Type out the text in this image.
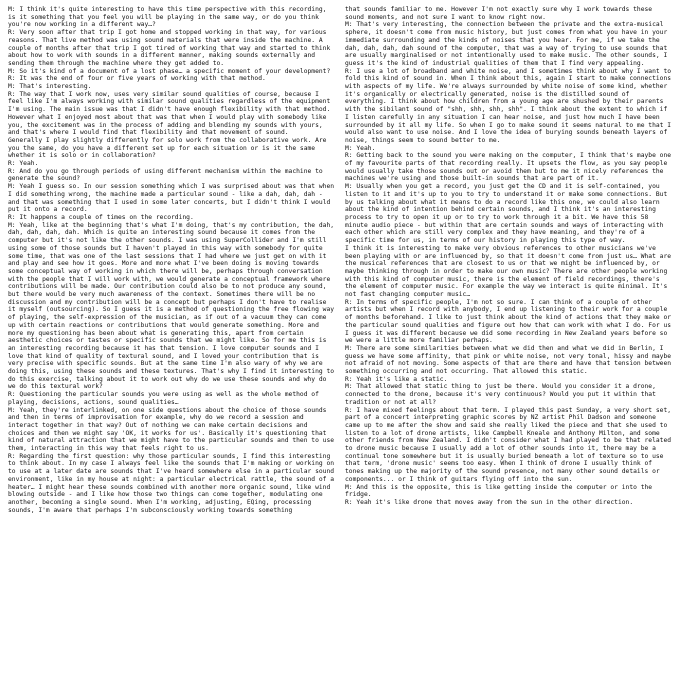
M: I think it's quite interesting to have this time perspective with this recording, is it something that you feel you will be playing in the same way, or do you think you're now working in a different way…?

R: Very soon after that trip I got home and stopped working in that way, for various reasons. That live method was using sound materials that were inside the machine. A couple of months after that trip I got tired of working that way and started to think about how to work with sounds in a different manner, making sounds externally and sending them through the machine where they get added to.

M: So it's kind of a document of a lost phase… a specific moment of your development?

R: It was the end of four or five years of working with that method.

M: That's interesting.

R: The way that I work now, uses very similar sound qualities of course, because I feel like I'm always working with similar sound qualities regardless of the equipment I'm using. The main issue was that I didn't have enough flexibility with that method. However what I enjoyed most about that was that when I would play with somebody like you, the excitement was in the process of adding and blending my sounds with yours, and that's where I would find that flexibility and that movement of sound.

Generally I play slightly differently for solo work from the collaborative work. Are you the same, do you have a different set up for each situation or is it the same whether it is solo or in collaboration?

R: Yeah.

R: And do you go through periods of using different mechanism within the machine to generate the sound?

M: Yeah I guess so. In our session something which I was surprised about was that when I did something wrong, the machine made a particular sound - like a dah, dah, dah - and that was something that I used in some later concerts, but I didn't think I would put it onto a record.

R: It happens a couple of times on the recording.

M: Yeah, like at the beginning that's what I'm doing, that's my contribution, the dah, dah, dah, dah, dah. Which is quite an interesting sound because it comes from the computer but it's not like the other sounds. I was using SuperCollider and I'm still using some of those sounds but I haven't played in this way with somebody for quite some time, that was one of the last sessions that I had where we just get on with it and play and see how it goes. More and more what I've been doing is moving towards some conceptual way of working in which there will be, perhaps through conversation with the people that I will work with, we would generate a conceptual framework where contributions will be made. Our contribution could also be to not produce any sound, but there would be very much awareness of the context. Sometimes there will be no discussion and my contribution will be a concept but perhaps I don't have to realise it myself (outsourcing). So I guess it is a method of questioning the free flowing way of playing, the self-expression of the musician, as if out of a vacuum they can come up with certain reactions or contributions that would generate something. More and more my questioning has been about what is generating this, apart from certain aesthetic choices or tastes or specific sounds that we might like. So for me this is an interesting recording because it has that tension. I love computer sounds and I love that kind of quality of textural sound, and I loved your contribution that is very precise with specific sounds. But at the same time I'm also wary of why we are doing this, using these sounds and these textures. That's why I find it interesting to do this exercise, talking about it to work out why do we use these sounds and why do we do this textural work?

R: Questioning the particular sounds you were using as well as the whole method of playing, decisions, actions, sound qualities…

M: Yeah, they're interlinked, on one side questions about the choice of those sounds and then in terms of improvisation for example, why do we record a session and interact together in that way? Out of nothing we can make certain decisions and choices and then we might say 'OK, it works for us'. Basically it's questioning that kind of natural attraction that we might have to the particular sounds and then to use them, interacting in this way that feels right to us.

R: Regarding the first question: why those particular sounds, I find this interesting to think about. In my case I always feel like the sounds that I'm making or working on to use at a later date are sounds that I've heard somewhere else in a particular sound environment, like in my house at night: a particular electrical rattle, the sound of a heater… I might hear these sounds combined with another more organic sound, like wind blowing outside - and I like how those two things can come together, modulating one another, becoming a single sound. When I'm working, adjusting, EQing, processing sounds, I'm aware that perhaps I'm subconsciously working towards something

that sounds familiar to me. However I'm not exactly sure why I work towards these sound moments, and not sure I want to know right now.

M: That's very interesting, the connection between the private and the extra-musical sphere, it doesn't come from music history, but just comes from what you have in your immediate surrounding and the kinds of noises that you hear. For me, if we take the dah, dah, dah, dah sound of the computer, that was a way of trying to use sounds that are usually marginalised or not intentionally used to make music. The other sounds, I guess it's the kind of industrial qualities of them that I find very appealing.

R: I use a lot of broadband and white noise, and I sometimes think about why I want to fold this kind of sound in. When I think about this, again I start to make connections with aspects of my life. We're always surrounded by white noise of some kind, whether it's organically or electrically generated, noise is the distilled sound of everything. I think about how children from a young age are shushed by their parents with the sibilant sound of "shh, shh, shh, shh". I think about the extent to which if I listen carefully in any situation I can hear noise, and just how much I have been surrounded by it all my life. So when I go to make sound it seems natural to me that I would also want to use noise. And I love the idea of burying sounds beneath layers of noise, things seem to sound better to me.

M: Yeah.

R: Getting back to the sound you were making on the computer, I think that's maybe one of my favourite parts of that recording really. It upsets the flow, as you say people would usually take those sounds out or avoid them but to me it nicely references the machines we're using and those built-in sounds that are part of it.

M: Usually when you get a record, you just get the CD and it is self-contained, you listen to it and it's up to you to try to understand it or make some connections. But by us talking about what it means to do a record like this one, we could also learn about the kind of intention behind certain sounds, and I think it's an interesting process to try to open it up or to try to work through it a bit. We have this 58 minute audio piece - but within that are certain sounds and ways of interacting with each other which are still very complex and they have meaning, and they're of a specific time for us, in terms of our history in playing this type of way.

I think it is interesting to make very obvious references to other musicians we've been playing with or are influenced by, so that it doesn't come from just us… What are the musical references that are closest to us or that we might be influenced by, or maybe thinking through in order to make our own music? There are other people working with this kind of computer music, there is the element of field recordings, there's the element of computer music. For example the way we interact is quite minimal. It's not fast changing computer music…

R: In terms of specific people, I'm not so sure. I can think of a couple of other artists but when I record with anybody, I end up listening to their work for a couple of months beforehand. I like to just think about the kind of actions that they make or the particular sound qualities and figure out how that can work with what I do. For us I guess it was different because we did some recording in New Zealand years before so we were a little more familiar perhaps.

M: There are some similarities between what we did then and what we did in Berlin, I guess we have some affinity, that pink or white noise, not very tonal, hissy and maybe not afraid of not moving. Some aspects of that are there and have that tension between something occurring and not occurring. That allowed this static.

R: Yeah it's like a static.

M: That allowed that static thing to just be there. Would you consider it a drone, connected to the drone, because it's very continuous? Would you put it within that tradition or not at all?

R: I have mixed feelings about that term. I played this past Sunday, a very short set, part of a concert interpreting graphic scores by NZ artist Phil Dadson and someone came up to me after the show and said she really liked the piece and that she used to listen to a lot of drone artists, like Campbell Kneale and Anthony Milton, and some other friends from New Zealand. I didn't consider what I had played to be that related to drone music because I usually add a lot of other sounds into it, there may be a continual tone somewhere but it is usually buried beneath a lot of texture so to use that term, 'drone music' seems too easy. When I think of drone I usually think of tones making up the majority of the sound presence, not many other sound details or components... or I think of guitars flying off into the sun.

M: And this is the opposite, this is like getting inside the computer or into the fridge.

R: Yeah it's like drone that moves away from the sun in the other direction.
